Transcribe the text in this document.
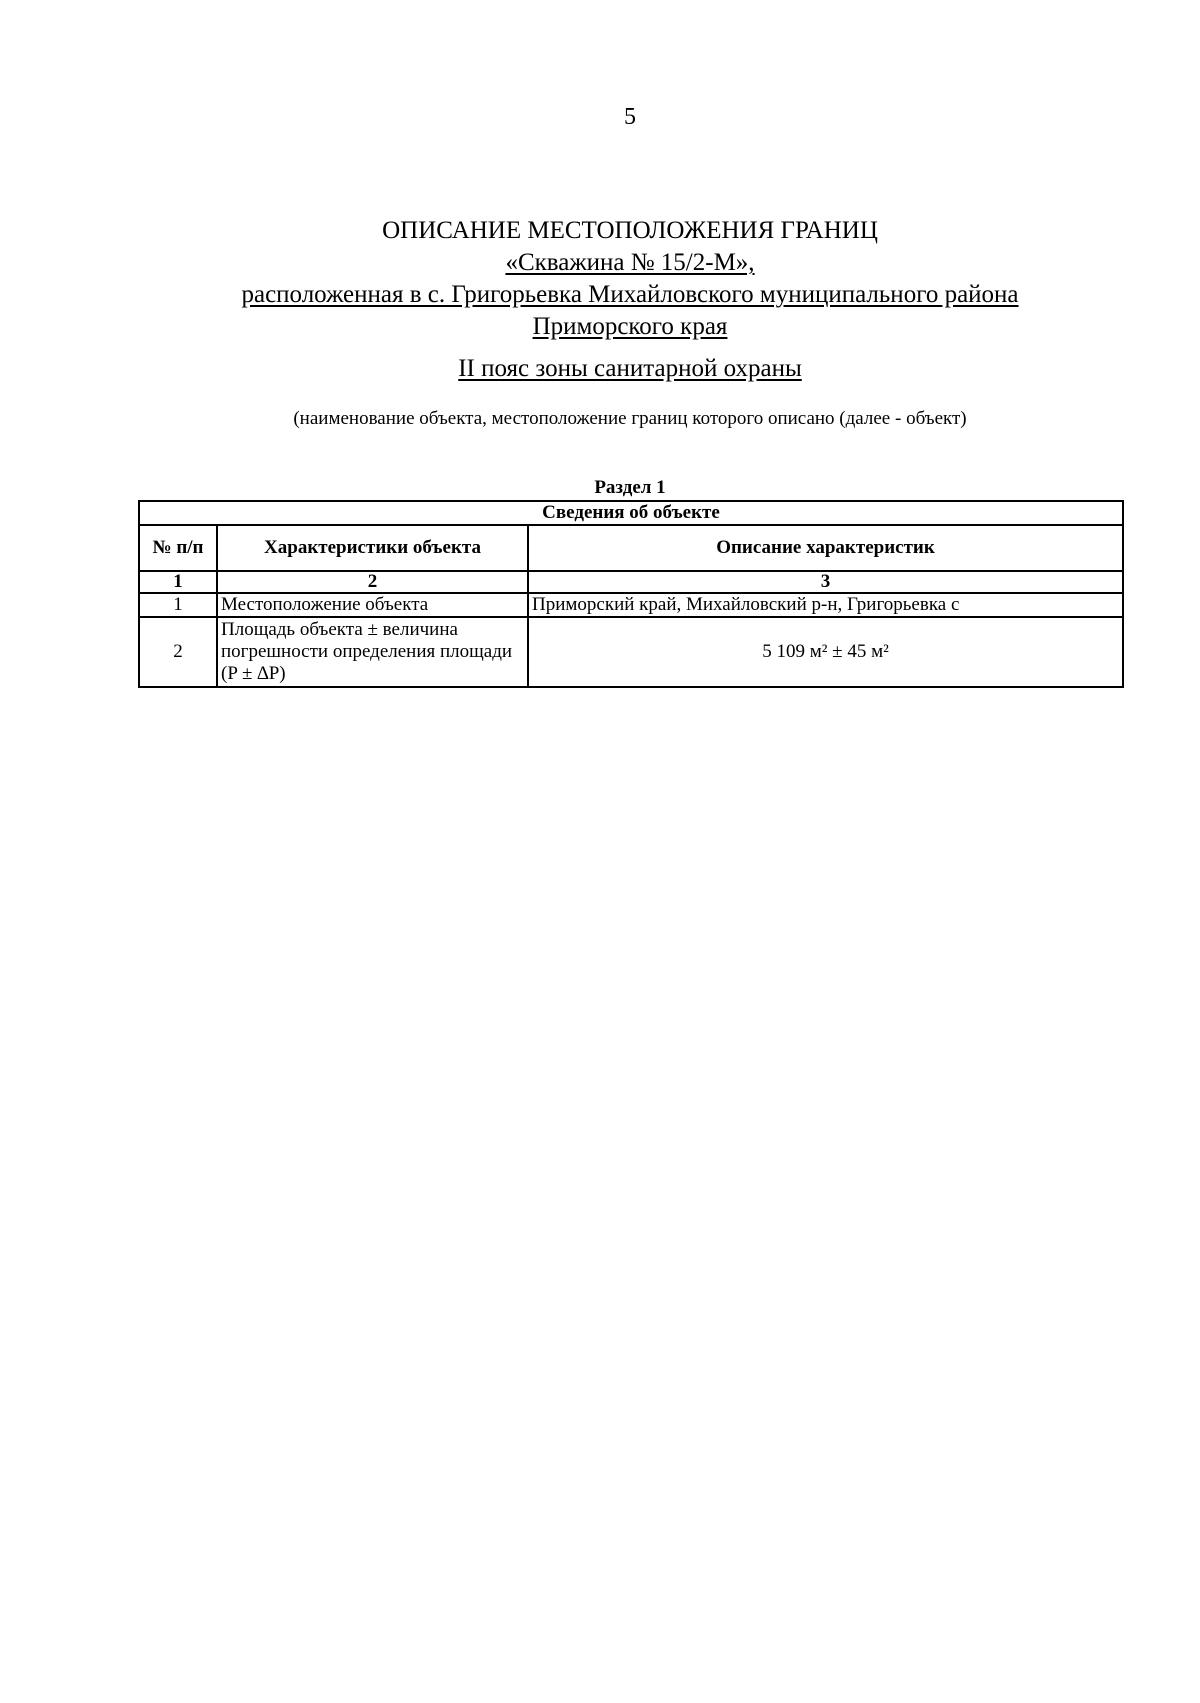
5
ОПИСАНИЕ МЕСТОПОЛОЖЕНИЯ ГРАНИЦ
«Скважина № 15/2-М»,
расположенная в с. Григорьевка Михайловского муниципального района
Приморского края
II пояс зоны санитарной охраны
(наименование объекта, местоположение границ которого описано (далее - объект)
Раздел 1
Сведения об объекте		
№ п/п	Характеристики объекта	Описание характеристик
1	2	3
1	Местоположение объекта	Приморский край, Михайловский р-н, Григорьевка с
2	Площадь объекта ± величина погрешности определения площади (P ± ∆P)	5 109 м² ± 45 м²
